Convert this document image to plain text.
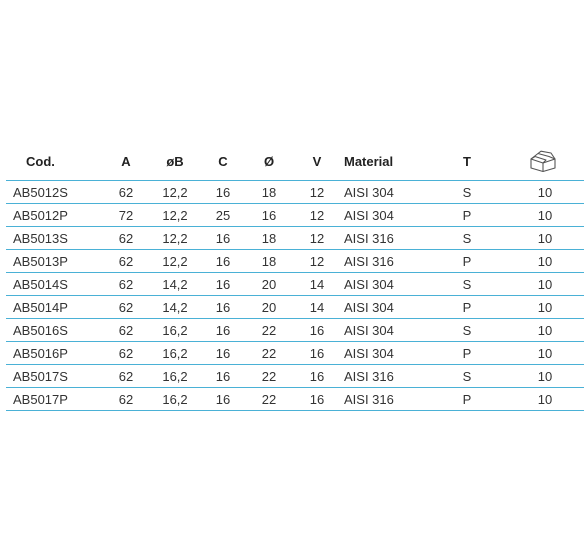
Cod.	A	øB	C	Ø	V	Material	T	

AB5012S	62	12,2	16	18	12	AISI 304	S	10
AB5012P	72	12,2	25	16	12	AISI 304	P	10
AB5013S	62	12,2	16	18	12	AISI 316	S	10
AB5013P	62	12,2	16	18	12	AISI 316	P	10
AB5014S	62	14,2	16	20	14	AISI 304	S	10
AB5014P	62	14,2	16	20	14	AISI 304	P	10
AB5016S	62	16,2	16	22	16	AISI 304	S	10
AB5016P	62	16,2	16	22	16	AISI 304	P	10
AB5017S	62	16,2	16	22	16	AISI 316	S	10
AB5017P	62	16,2	16	22	16	AISI 316	P	10
